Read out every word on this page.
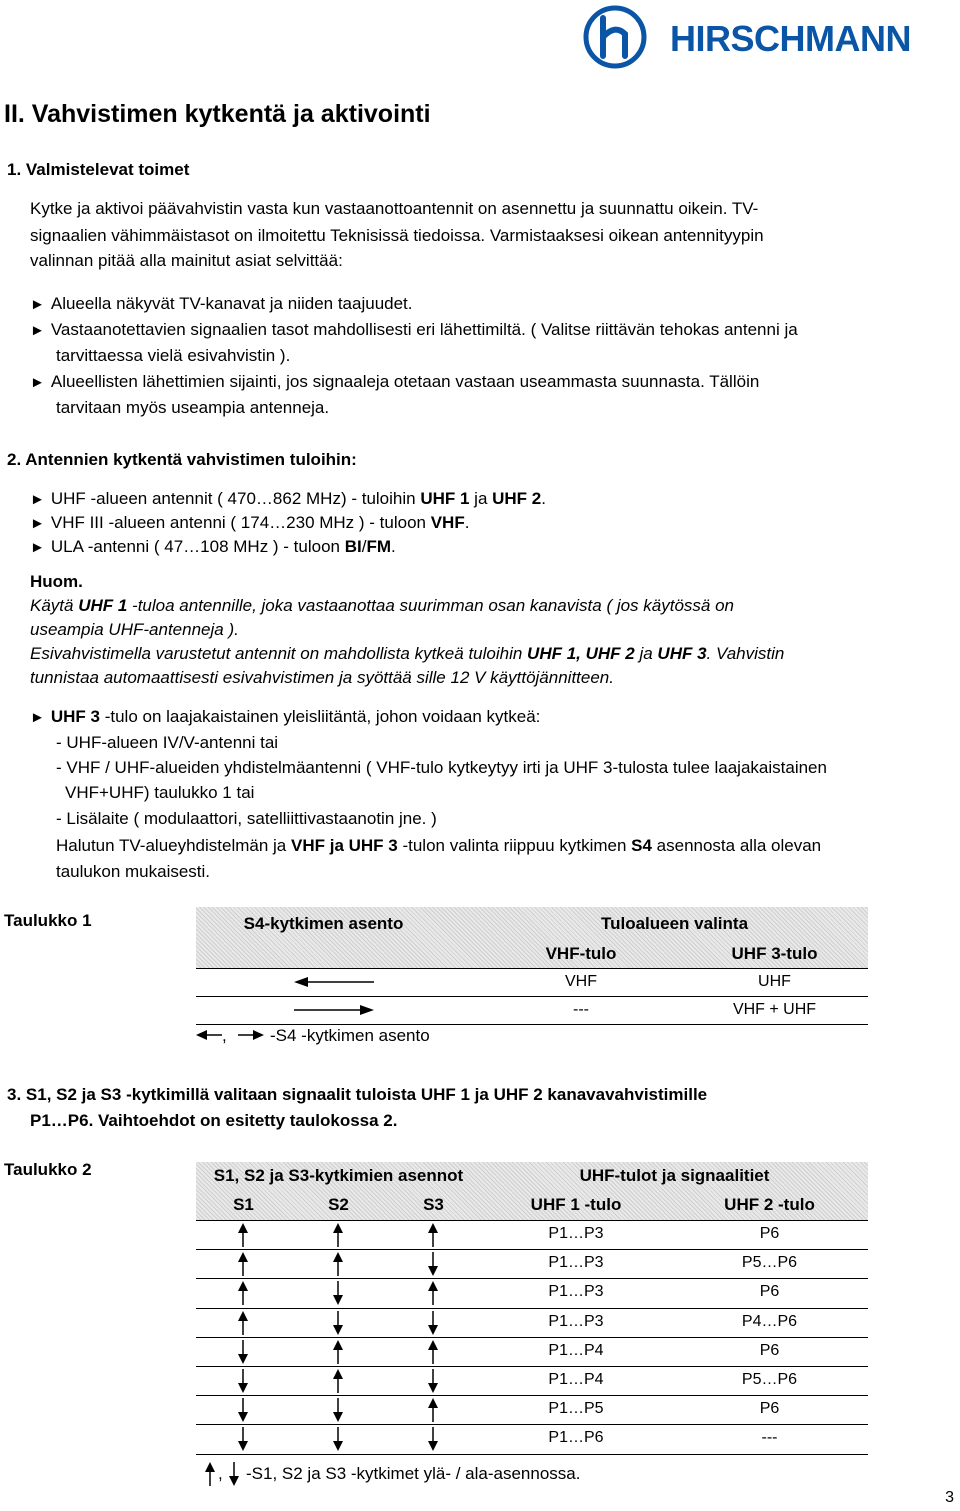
HIRSCHMANN
II. Vahvistimen kytkentä ja aktivointi
1. Valmistelevat toimet
Kytke ja aktivoi päävahvistin vasta kun vastaanottoantennit on asennettu ja suunnattu oikein. TV-
signaalien vähimmäistasot on ilmoitettu Teknisissä tiedoissa. Varmistaaksesi oikean antennityypin
valinnan pitää alla mainitut asiat selvittää:
► Alueella näkyvät TV-kanavat ja niiden taajuudet.
► Vastaanotettavien signaalien tasot mahdollisesti eri lähettimiltä. ( Valitse riittävän tehokas antenni ja
tarvittaessa vielä esivahvistin ).
► Alueellisten lähettimien sijainti, jos signaaleja otetaan vastaan useammasta suunnasta. Tällöin
tarvitaan myös useampia antenneja.
2. Antennien kytkentä vahvistimen tuloihin:
► UHF -alueen antennit ( 470…862 MHz) - tuloihin UHF 1 ja UHF 2.
► VHF III -alueen antenni ( 174…230 MHz ) - tuloon VHF.
► ULA -antenni ( 47…108 MHz ) - tuloon BI/FM.
Huom.
Käytä UHF 1 -tuloa antennille, joka vastaanottaa suurimman osan kanavista ( jos käytössä on
useampia UHF-antenneja ).
Esivahvistimella varustetut antennit on mahdollista kytkeä tuloihin UHF 1, UHF 2 ja UHF 3. Vahvistin
tunnistaa automaattisesti esivahvistimen ja syöttää sille 12 V käyttöjännitteen.
► UHF 3 -tulo on laajakaistainen yleisliitäntä, johon voidaan kytkeä:
- UHF-alueen IV/V-antenni tai
- VHF / UHF-alueiden yhdistelmäantenni ( VHF-tulo kytkeytyy irti ja UHF 3-tulosta tulee laajakaistainen
VHF+UHF) taulukko 1 tai
- Lisälaite ( modulaattori, satelliittivastaanotin jne. )
Halutun TV-alueyhdistelmän ja VHF ja UHF 3 -tulon valinta riippuu kytkimen S4 asennosta alla olevan
taulukon mukaisesti.
Taulukko 1	S4-kytkimen asento	Tuloalueen valinta
VHF-tulo	UHF 3-tulo
VHF	UHF
---	VHF + UHF
,	-S4 -kytkimen asento
3. S1, S2 ja S3 -kytkimillä valitaan signaalit tuloista UHF 1 ja UHF 2 kanavavahvistimille
P1…P6. Vaihtoehdot on esitetty taulokossa 2.
Taulukko 2	S1, S2 ja S3-kytkimien asennot	UHF-tulot ja signaalitiet
S1	S2	S3	UHF 1 -tulo	UHF 2 -tulo
P1…P3	P6
P1…P3	P5…P6
P1…P3	P6
P1…P3	P4…P6
P1…P4	P6
P1…P4	P5…P6
P1…P5	P6
P1…P6	---
, -S1, S2 ja S3 -kytkimet ylä- / ala-asennossa.
3
